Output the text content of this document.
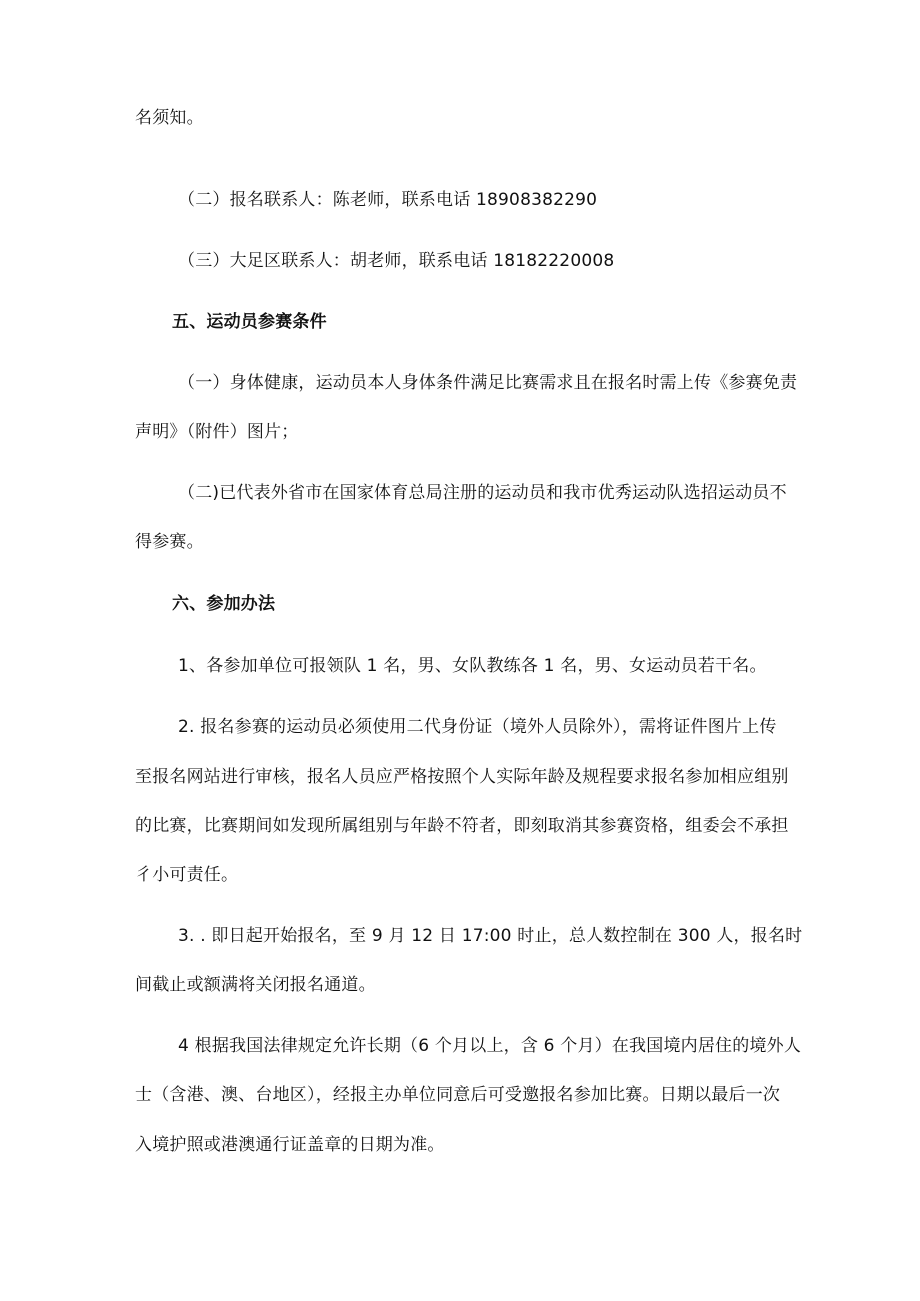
名须知。
（二）报名联系人：陈老师，联系电话 18908382290
（三）大足区联系人：胡老师，联系电话 18182220008
五、运动员参赛条件
（一）身体健康，运动员本人身体条件满足比赛需求且在报名时需上传《参赛免责
声明》（附件）图片；
（二)已代表外省市在国家体育总局注册的运动员和我市优秀运动队选招运动员不
得参赛。
六、参加办法
1、各参加单位可报领队 1 名，男、女队教练各 1 名，男、女运动员若干名。
2. 报名参赛的运动员必须使用二代身份证（境外人员除外），需将证件图片上传
至报名网站进行审核，报名人员应严格按照个人实际年龄及规程要求报名参加相应组别
的比赛，比赛期间如发现所属组别与年龄不符者，即刻取消其参赛资格，组委会不承担
彳小可责任。
3. . 即日起开始报名，至 9 月 12 日 17:00 时止，总人数控制在 300 人，报名时
间截止或额满将关闭报名通道。
4 根据我国法律规定允许长期（6 个月以上，含 6 个月）在我国境内居住的境外人
士（含港、澳、台地区），经报主办单位同意后可受邀报名参加比赛。日期以最后一次
入境护照或港澳通行证盖章的日期为准。
